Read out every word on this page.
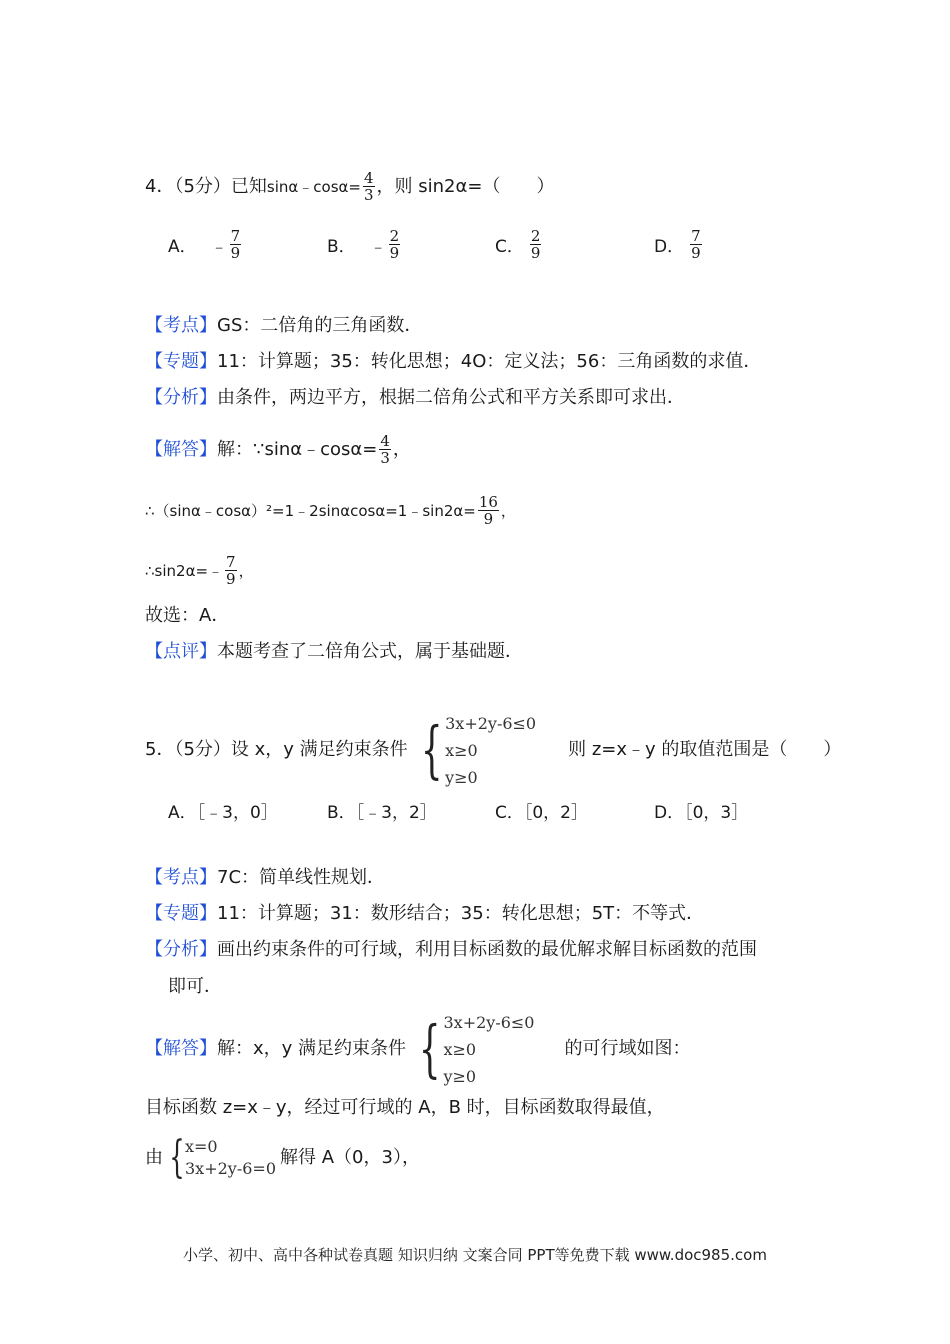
4．（5分）已知 sinα﹣cosα= $\frac{4}{3}$ ，则 sin2α=（　　）
A． ﹣ $\frac{7}{9}$	B． ﹣ $\frac{2}{9}$	C． $\frac{2}{9}$	D． $\frac{7}{9}$
【考点】 GS：二倍角的三角函数．
【专题】 11：计算题；35：转化思想；4O：定义法；56：三角函数的求值．
【分析】 由条件，两边平方，根据二倍角公式和平方关系即可求出．
【解答】 解：∵sinα﹣cosα= $\frac{4}{3}$ ，
∴（sinα﹣cosα）²=1﹣2sinαcosα=1﹣sin2α= $\frac{16}{9}$ ，
∴sin2α=﹣ $\frac{7}{9}$ ，
故选：A．
【点评】 本题考查了二倍角公式，属于基础题．
5．（5分）设 x，y 满足约束条件 { 3x+2y-6≤0
x≥0
y≥0
则 z=x﹣y 的取值范围是（　　）
A．［﹣3，0］	B．［﹣3，2］	C．［0，2］	D．［0，3］
【考点】 7C：简单线性规划．
【专题】 11：计算题；31：数形结合；35：转化思想；5T：不等式．
【分析】 画出约束条件的可行域，利用目标函数的最优解求解目标函数的范围
即可．
【解答】 解：x，y 满足约束条件 { 3x+2y-6≤0
x≥0
y≥0
的可行域如图：
目标函数 z=x﹣y，经过可行域的 A，B 时，目标函数取得最值，
由 { x=0
3x+2y-6=0
解得 A（0，3），
小学、初中、高中各种试卷真题 知识归纳 文案合同 PPT等免费下载 www.doc985.com
